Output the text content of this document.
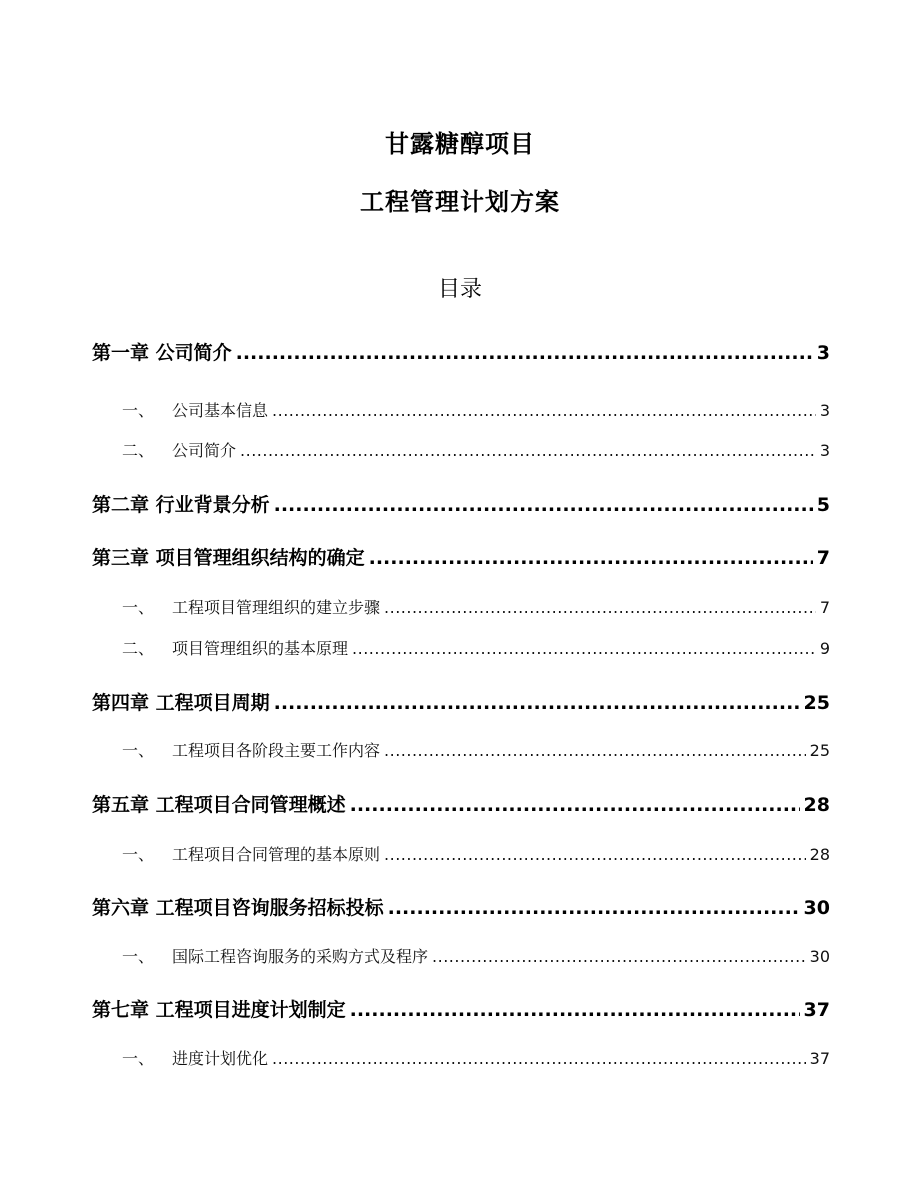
甘露糖醇项目
工程管理计划方案
目录
第一章 公司简介 .....	3
一、	公司基本信息 .....	3
二、	公司简介 .....	3
第二章 行业背景分析 .....	5
第三章 项目管理组织结构的确定 .....	7
一、	工程项目管理组织的建立步骤 .....	7
二、	项目管理组织的基本原理 .....	9
第四章 工程项目周期 .....	25
一、	工程项目各阶段主要工作内容 .....	25
第五章 工程项目合同管理概述 .....	28
一、	工程项目合同管理的基本原则 .....	28
第六章 工程项目咨询服务招标投标 .....	30
一、	国际工程咨询服务的采购方式及程序 .....	30
第七章 工程项目进度计划制定 .....	37
一、	进度计划优化 .....	37
